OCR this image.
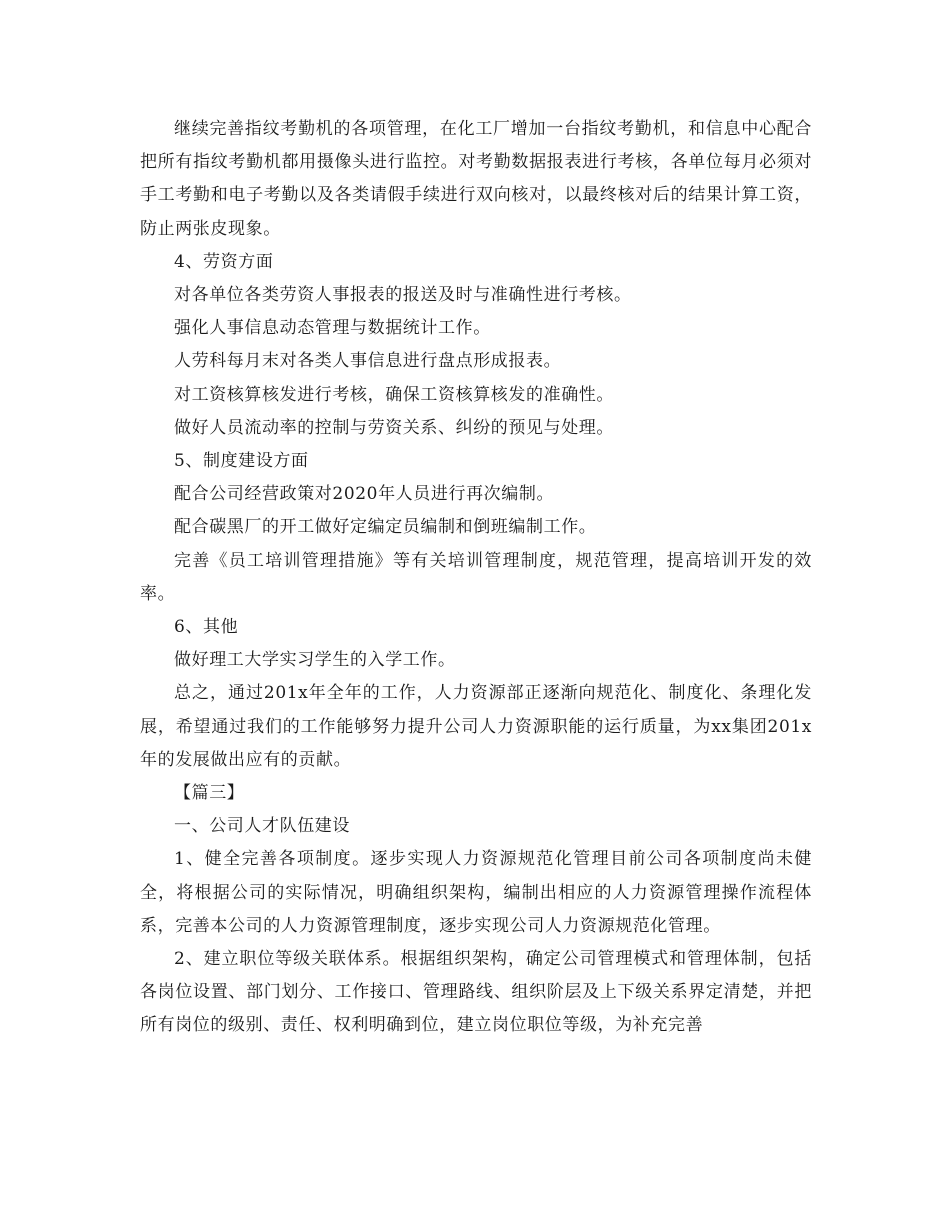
继续完善指纹考勤机的各项管理，在化工厂增加一台指纹考勤机，和信息中心配合把所有指纹考勤机都用摄像头进行监控。对考勤数据报表进行考核，各单位每月必须对手工考勤和电子考勤以及各类请假手续进行双向核对，以最终核对后的结果计算工资，防止两张皮现象。

4、劳资方面

对各单位各类劳资人事报表的报送及时与准确性进行考核。

强化人事信息动态管理与数据统计工作。

人劳科每月末对各类人事信息进行盘点形成报表。

对工资核算核发进行考核，确保工资核算核发的准确性。

做好人员流动率的控制与劳资关系、纠纷的预见与处理。

5、制度建设方面

配合公司经营政策对2020年人员进行再次编制。

配合碳黑厂的开工做好定编定员编制和倒班编制工作。

完善《员工培训管理措施》等有关培训管理制度，规范管理，提高培训开发的效率。

6、其他

做好理工大学实习学生的入学工作。

总之，通过201x年全年的工作，人力资源部正逐渐向规范化、制度化、条理化发展，希望通过我们的工作能够努力提升公司人力资源职能的运行质量，为xx集团201x年的发展做出应有的贡献。

【篇三】

一、公司人才队伍建设

1、健全完善各项制度。逐步实现人力资源规范化管理目前公司各项制度尚未健全，将根据公司的实际情况，明确组织架构，编制出相应的人力资源管理操作流程体系，完善本公司的人力资源管理制度，逐步实现公司人力资源规范化管理。

2、建立职位等级关联体系。根据组织架构，确定公司管理模式和管理体制，包括各岗位设置、部门划分、工作接口、管理路线、组织阶层及上下级关系界定清楚，并把所有岗位的级别、责任、权利明确到位，建立岗位职位等级，为补充完善
